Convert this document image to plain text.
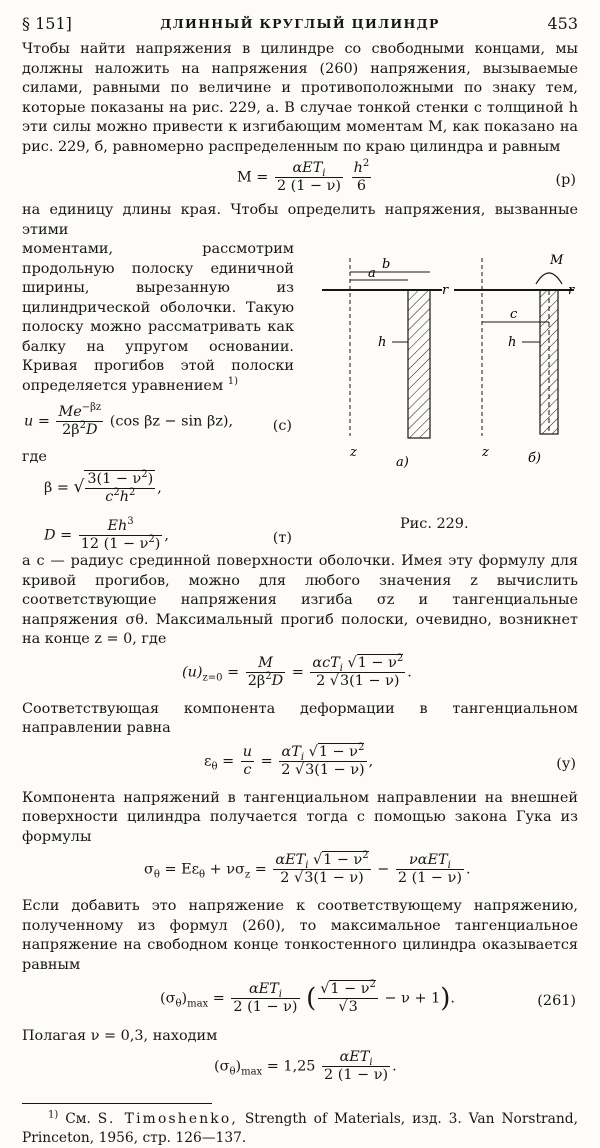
§ 151]	ДЛИННЫЙ КРУГЛЫЙ ЦИЛИНДР	453

Чтобы найти напряжения в цилиндре со свободными концами, мы должны наложить на напряжения (260) напряжения, вызываемые силами, равными по величине и противоположными по знаку тем, которые показаны на рис. 229, а. В случае тонкой стенки с толщиной h эти силы можно привести к изгибающим моментам M, как показано на рис. 229, б, равномерно распределенным по краю цилиндра и равным

$M = \frac{\alpha ET_i}{2 (1 - \nu)}$
$\frac{h^2}{6}$	(р)

на единицу длины края. Чтобы определить напряжения, вызванные этими

моментами, рассмотрим продольную полоску единичной ширины, вырезанную из цилиндрической оболочки. Такую полоску можно рассматривать как балку на упругом основании. Кривая прогибов этой полоски определяется уравнением $^{1)}$

$u = \frac{Me^{-\beta z}}{2\beta^2D} (\cos$ βz − sin βz),	(с)

где

β = √ $\frac{3(1 - \nu^2)}{c^2h^2}$ ,
$D = \frac{Eh^3}{12 (1 - \nu^2)}$ ,	(т)
b
a
r
h
z
а)
M
r
c
h
z	б)
Рис. 229.

а c — радиус срединной поверхности оболочки. Имея эту формулу для кривой прогибов, можно для любого значения z вычислить соответствующие напряжения изгиба σz и тангенциальные напряжения σθ. Максимальный прогиб полоски, очевидно, возникнет на конце z = 0, где

$(u)_{z=0} = \frac{M}{2\beta^2D} = \frac{\alpha cT_i √1 - \nu^2}{2 √3(1 - \nu)}$ .

Соответствующая компонента деформации в тангенциальном направлении равна

$\varepsilon_\theta = \frac{u}{c} = \frac{\alpha T_i √1 - \nu^2}{2 √3(1 - \nu)}$ ,	(у)

Компонента напряжений в тангенциальном направлении на внешней поверхности цилиндра получается тогда с помощью закона Гука из формулы

$\sigma_\theta = E\varepsilon_\theta + \nu\sigma_z = \frac{\alpha ET_i √1 - \nu^2}{2 √3(1 - \nu)} - \frac{\nu\alpha ET_i}{2 (1 - \nu)}$ .

Если добавить это напряжение к соответствующему напряжению, полученному из формул (260), то максимальное тангенциальное напряжение на свободном конце тонкостенного цилиндра оказывается равным

$(\sigma_\theta)_{max} = \frac{\alpha ET_i}{2 (1 - \nu)}$ ( $\frac{√1 - \nu^2}{√3} - \nu + 1$).	(261)

Полагая ν = 0,3, находим

$(\sigma_\theta)_{max} = 1,25 \frac{\alpha ET_i}{2 (1 - \nu)}$ .

$^{1)}$ См. S. Timoshenko, Strength of Materials, изд. 3. Van Norstrand, Princeton, 1956, стр. 126—137.
